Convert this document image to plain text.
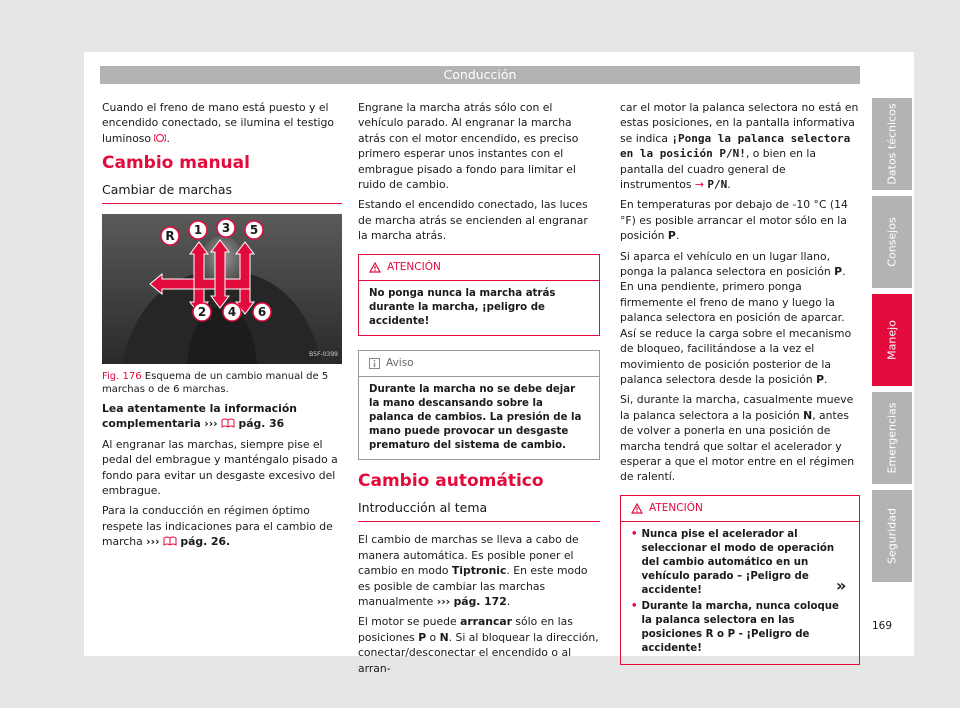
Conducción

Cuando el freno de mano está puesto y el encendido conectado, se ilumina el testigo luminoso .

Cambio manual
Cambiar de marchas
R 1 3 5
2 4 6
B5F-0399

Fig. 176 Esquema de un cambio manual de 5 marchas o de 6 marchas.

Lea atentamente la información complementaria ››› pág. 36

Al engranar las marchas, siempre pise el pedal del embrague y manténgalo pisado a fondo para evitar un desgaste excesivo del embrague.

Para la conducción en régimen óptimo respete las indicaciones para el cambio de marcha ››› pág. 26.

Engrane la marcha atrás sólo con el vehículo parado. Al engranar la marcha atrás con el motor encendido, es preciso primero esperar unos instantes con el embrague pisado a fondo para limitar el ruido de cambio.

Estando el encendido conectado, las luces de marcha atrás se encienden al engranar la marcha atrás.

ATENCIÓN
No ponga nunca la marcha atrás durante la marcha, ¡peligro de accidente!
Aviso
Durante la marcha no se debe dejar la mano descansando sobre la palanca de cambios. La presión de la mano puede provocar un desgaste prematuro del sistema de cambio.
Cambio automático
Introducción al tema

El cambio de marchas se lleva a cabo de manera automática. Es posible poner el cambio en modo Tiptronic. En este modo es posible de cambiar las marchas manualmente ››› pág. 172.

El motor se puede arrancar sólo en las posiciones P o N. Si al bloquear la dirección, conectar/desconectar el encendido o al arran-

car el motor la palanca selectora no está en estas posiciones, en la pantalla informativa se indica ¡Ponga la palanca selectora en la posición P/N!, o bien en la pantalla del cuadro general de instrumentos → P/N.

En temperaturas por debajo de -10 °C (14 °F) es posible arrancar el motor sólo en la posición P.

Si aparca el vehículo en un lugar llano, ponga la palanca selectora en posición P. En una pendiente, primero ponga firmemente el freno de mano y luego la palanca selectora en posición de aparcar. Así se reduce la carga sobre el mecanismo de bloqueo, facilitándose a la vez el movimiento de posición posterior de la palanca selectora desde la posición P.

Si, durante la marcha, casualmente mueve la palanca selectora a la posición N, antes de volver a ponerla en una posición de marcha tendrá que soltar el acelerador y esperar a que el motor entre en el régimen de ralentí.

ATENCIÓN
• Nunca pise el acelerador al seleccionar el modo de operación del cambio automático en un vehículo parado – ¡Peligro de accidente!
• Durante la marcha, nunca coloque la palanca selectora en las posiciones R o P - ¡Peligro de accidente!
»
Datos técnicos
Consejos
Manejo
Emergencias
Seguridad
169
